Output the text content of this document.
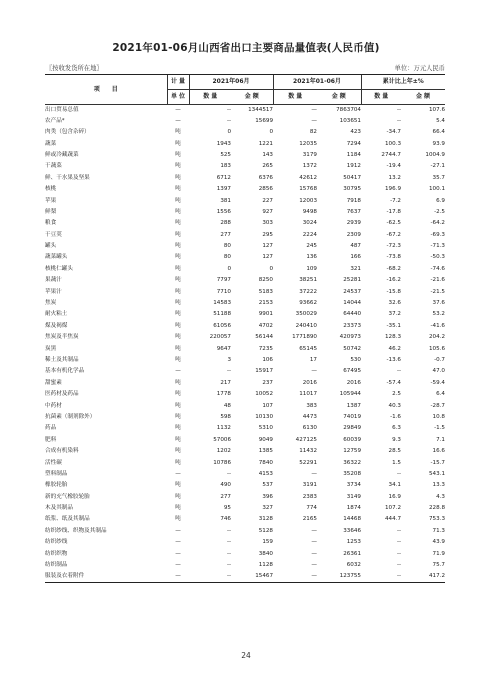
2021年01-06月山西省出口主要商品量值表(人民币值)
〖按收发货所在地〗	单位：万元人民币
项　　目	计 量	2021年06月		2021年01-06月		累计比上年±%	
	单 位	数 量	金 额	数 量	金 额	数 量	金 额
出口贸易总值	—	--	1344517	—	7863704	--	107.6
农产品*	—	--	15699	—	103651	--	5.4
肉类（包含杂碎）	吨	0	0	82	423	-34.7	66.4
蔬菜	吨	1943	1221	12035	7294	100.3	93.9
鲜或冷藏蔬菜	吨	525	143	3179	1184	2744.7	1004.9
干蔬菜	吨	183	265	1372	1912	-19.4	-27.1
鲜、干水果及坚果	吨	6712	6376	42612	50417	13.2	35.7
核桃	吨	1397	2856	15768	30795	196.9	100.1
苹果	吨	381	227	12003	7918	-7.2	6.9
鲜梨	吨	1556	927	9498	7637	-17.8	-2.5
粮食	吨	288	303	3024	2939	-62.5	-64.2
干豆荚	吨	277	295	2224	2309	-67.2	-69.3
罐头	吨	80	127	245	487	-72.3	-71.3
蔬菜罐头	吨	80	127	136	166	-73.8	-50.3
核桃仁罐头	吨	0	0	109	321	-68.2	-74.6
果蔬汁	吨	7797	8250	38251	25281	-16.2	-21.6
苹果汁	吨	7710	5183	37222	24537	-15.8	-21.5
焦炭	吨	14583	2153	93662	14044	32.6	37.6
耐火粘土	吨	51188	9901	350029	64440	37.2	53.2
煤及褐煤	吨	61056	4702	240410	23373	-35.1	-41.6
焦炭及半焦炭	吨	220057	56144	1771890	420973	128.3	204.2
炭黑	吨	9647	7235	65145	50742	46.2	105.6
稀土及其制品	吨	3	106	17	530	-13.6	-0.7
基本有机化学品	—	--	15917	—	67495	--	47.0
甜蜜素	吨	217	237	2016	2016	-57.4	-59.4
医药材及药品	吨	1778	10052	11017	105944	2.5	6.4
中药材	吨	48	107	383	1387	40.3	-28.7
抗菌素（制剂除外）	吨	598	10130	4473	74019	-1.6	10.8
药品	吨	1132	5310	6130	29849	6.3	-1.5
肥料	吨	57006	9049	427125	60039	9.3	7.1
合成有机染料	吨	1202	1385	11432	12759	28.5	16.6
活性碳	吨	10786	7840	52291	36322	1.5	-15.7
塑料制品	—	--	4153	—	35208	--	543.1
橡胶轮胎	吨	490	537	3191	3734	34.1	13.3
新的充气橡胶轮胎	吨	277	396	2383	3149	16.9	4.3
木及其制品	吨	95	327	774	1874	107.2	228.8
纸浆、纸及其制品	吨	746	3128	2165	14468	444.7	753.3
纺织纱线、织物及其制品	—	--	5128	—	33646	--	71.3
纺织纱线	—	--	159	—	1253	--	43.9
纺织织物	—	--	3840	—	26361	--	71.9
纺织制品	—	--	1128	—	6032	--	75.7
服装及衣着附件	—	--	15467	—	123755	--	417.2
24
